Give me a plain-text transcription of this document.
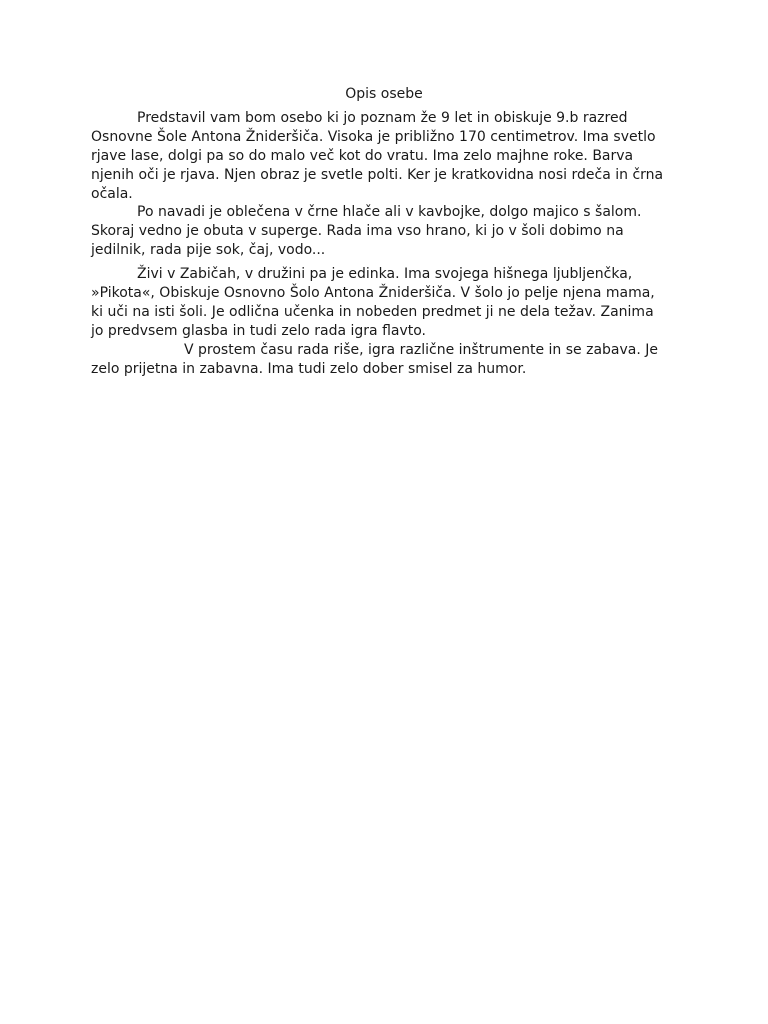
Opis osebe

Predstavil vam bom osebo ki jo poznam že 9 let in obiskuje 9.b razred
Osnovne Šole Antona Žnideršiča. Visoka je približno 170 centimetrov. Ima svetlo
rjave lase, dolgi pa so do malo več kot do vratu. Ima zelo majhne roke. Barva
njenih oči je rjava. Njen obraz je svetle polti. Ker je kratkovidna nosi rdeča in črna
očala.

Po navadi je oblečena v črne hlače ali v kavbojke, dolgo majico s šalom.
Skoraj vedno je obuta v superge. Rada ima vso hrano, ki jo v šoli dobimo na
jedilnik, rada pije sok, čaj, vodo...

Živi v Zabičah, v družini pa je edinka. Ima svojega hišnega ljubljenčka,
»Pikota«, Obiskuje Osnovno Šolo Antona Žnideršiča. V šolo jo pelje njena mama,
ki uči na isti šoli. Je odlična učenka in nobeden predmet ji ne dela težav. Zanima
jo predvsem glasba in tudi zelo rada igra flavto.

V prostem času rada riše, igra različne inštrumente in se zabava. Je
zelo prijetna in zabavna. Ima tudi zelo dober smisel za humor.
